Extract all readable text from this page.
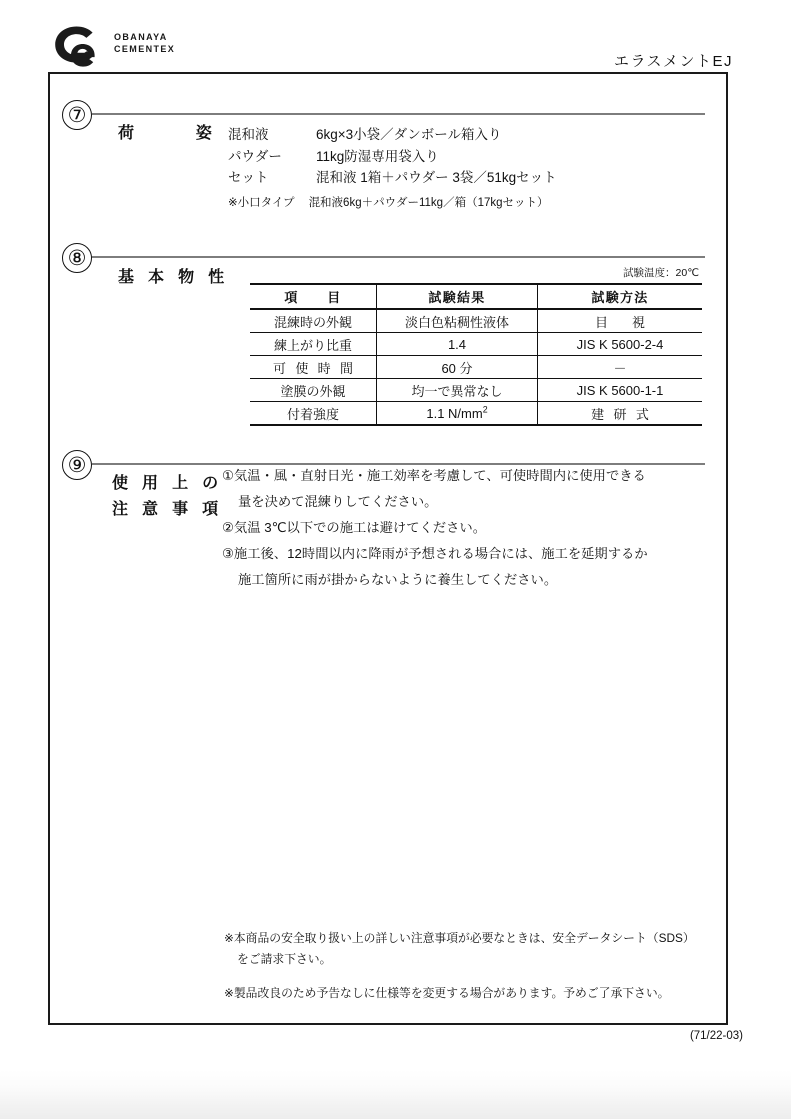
OBANAYA
CEMENTEX
エラスメントEJ
⑦
荷　　姿 混和液	6kg×3小袋／ダンボール箱入り
パウダー	11kg防湿専用袋入り
セット	混和液 1箱＋パウダー 3袋／51kgセット
※小口タイプ 混和液6kg＋パウダー11kg／箱（17kgセット）
⑧
基 本 物 性	試験温度：20℃
項　　目	試験結果	試験方法
混練時の外観	淡白色粘稠性液体	目　視
練上がり比重	1.4	JIS K 5600-2-4
可 使 時 間	60 分	－
塗膜の外観	均一で異常なし	JIS K 5600-1-1
付着強度	1.1 $N/mm^2$	建 研 式
⑨
使 用 上 の
注 意 事 項
①気温・風・直射日光・施工効率を考慮して、可使時間内に使用できる
量を決めて混練りしてください。
②気温 3℃以下での施工は避けてください。
③施工後、12時間以内に降雨が予想される場合には、施工を延期するか
施工箇所に雨が掛からないように養生してください。
※本商品の安全取り扱い上の詳しい注意事項が必要なときは、安全データシート（SDS）
をご請求下さい。
※製品改良のため予告なしに仕様等を変更する場合があります。予めご了承下さい。
(71/22-03)
